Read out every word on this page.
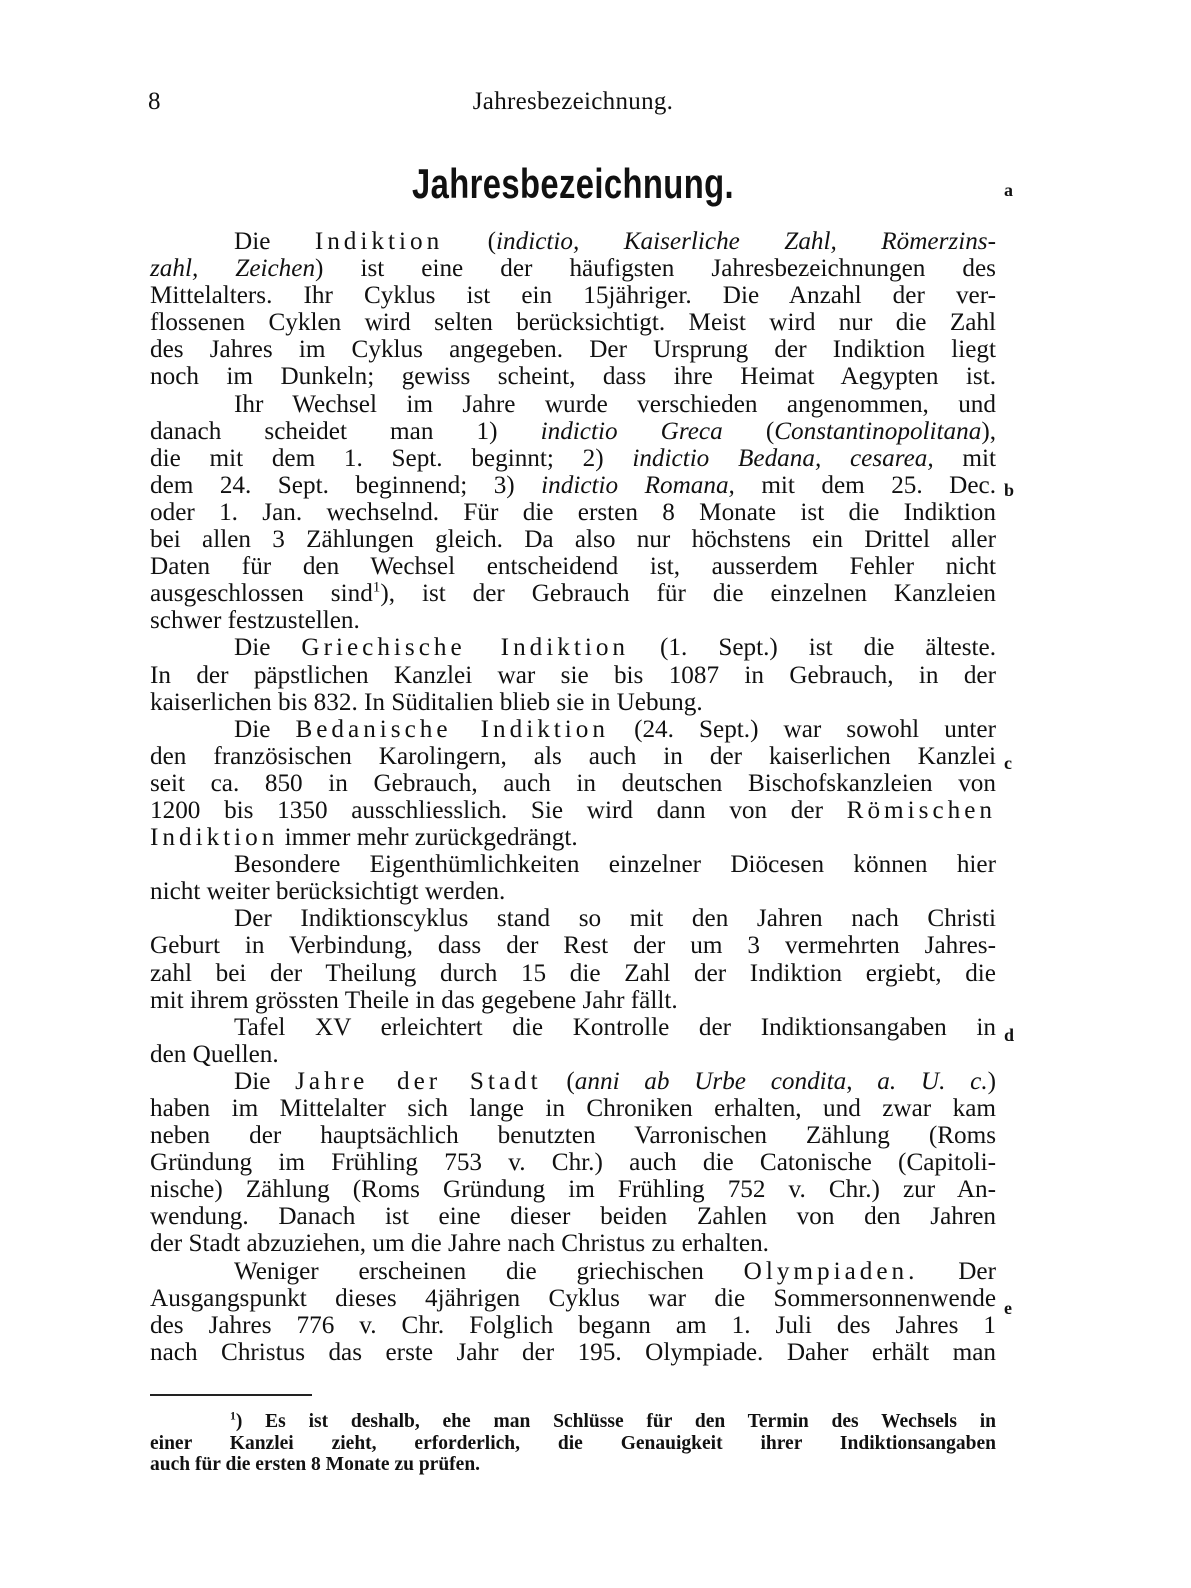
8	Jahresbezeichnung.
Jahresbezeichnung.	a
b
c
d
e

Die Indiktion (indictio, Kaiserliche Zahl, Römerzins-

zahl, Zeichen) ist eine der häufigsten Jahresbezeichnungen des

Mittelalters. Ihr Cyklus ist ein 15jähriger. Die Anzahl der ver-

flossenen Cyklen wird selten berücksichtigt. Meist wird nur die Zahl

des Jahres im Cyklus angegeben. Der Ursprung der Indiktion liegt

noch im Dunkeln; gewiss scheint, dass ihre Heimat Aegypten ist.

Ihr Wechsel im Jahre wurde verschieden angenommen, und

danach scheidet man 1) indictio Greca (Constantinopolitana),

die mit dem 1. Sept. beginnt; 2) indictio Bedana, cesarea, mit

dem 24. Sept. beginnend; 3) indictio Romana, mit dem 25. Dec.

oder 1. Jan. wechselnd. Für die ersten 8 Monate ist die Indiktion

bei allen 3 Zählungen gleich. Da also nur höchstens ein Drittel aller

Daten für den Wechsel entscheidend ist, ausserdem Fehler nicht

ausgeschlossen sind$^1$), ist der Gebrauch für die einzelnen Kanzleien

schwer festzustellen.

Die Griechische Indiktion (1. Sept.) ist die älteste.

In der päpstlichen Kanzlei war sie bis 1087 in Gebrauch, in der

kaiserlichen bis 832. In Süditalien blieb sie in Uebung.

Die Bedanische Indiktion (24. Sept.) war sowohl unter

den französischen Karolingern, als auch in der kaiserlichen Kanzlei

seit ca. 850 in Gebrauch, auch in deutschen Bischofskanzleien von

1200 bis 1350 ausschliesslich. Sie wird dann von der Römischen

Indiktion immer mehr zurückgedrängt.

Besondere Eigenthümlichkeiten einzelner Diöcesen können hier

nicht weiter berücksichtigt werden.

Der Indiktionscyklus stand so mit den Jahren nach Christi

Geburt in Verbindung, dass der Rest der um 3 vermehrten Jahres-

zahl bei der Theilung durch 15 die Zahl der Indiktion ergiebt, die

mit ihrem grössten Theile in das gegebene Jahr fällt.

Tafel XV erleichtert die Kontrolle der Indiktionsangaben in

den Quellen.

Die Jahre der Stadt (anni ab Urbe condita, a. U. c.)

haben im Mittelalter sich lange in Chroniken erhalten, und zwar kam

neben der hauptsächlich benutzten Varronischen Zählung (Roms

Gründung im Frühling 753 v. Chr.) auch die Catonische (Capitoli-

nische) Zählung (Roms Gründung im Frühling 752 v. Chr.) zur An-

wendung. Danach ist eine dieser beiden Zahlen von den Jahren

der Stadt abzuziehen, um die Jahre nach Christus zu erhalten.

Weniger erscheinen die griechischen Olympiaden. Der

Ausgangspunkt dieses 4jährigen Cyklus war die Sommersonnenwende

des Jahres 776 v. Chr. Folglich begann am 1. Juli des Jahres 1

nach Christus das erste Jahr der 195. Olympiade. Daher erhält man

$^1$) Es ist deshalb, ehe man Schlüsse für den Termin des Wechsels in

einer Kanzlei zieht, erforderlich, die Genauigkeit ihrer Indiktionsangaben

auch für die ersten 8 Monate zu prüfen.
